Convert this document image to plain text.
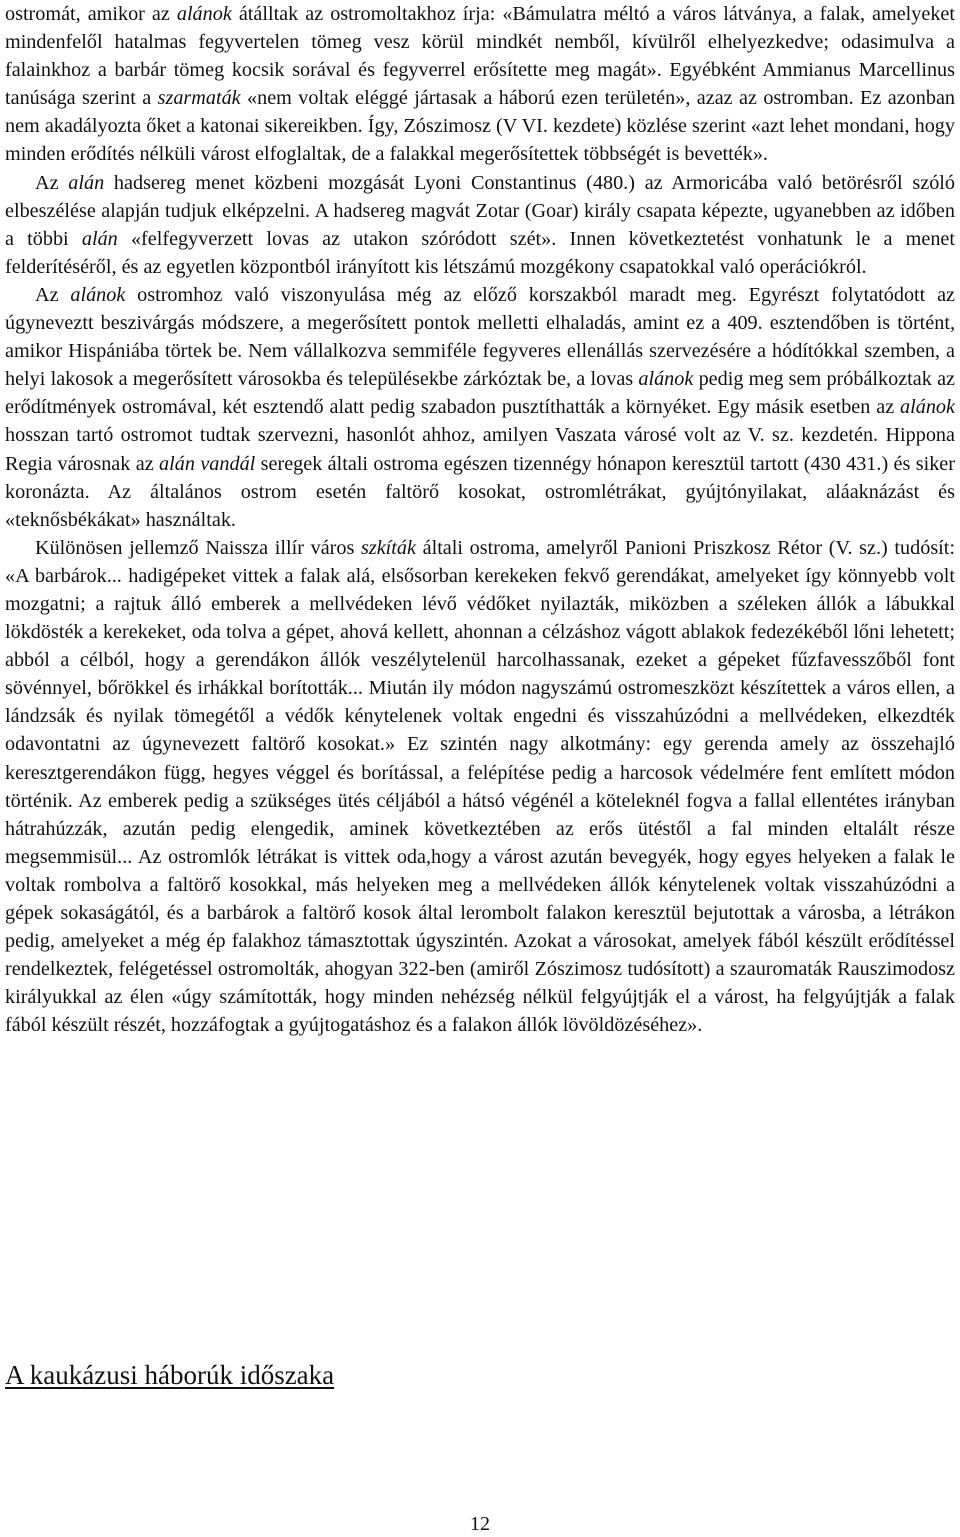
ostromát, amikor az alánok átálltak az ostromoltakhoz írja: «Bámulatra méltó a város látványa, a falak, amelyeket mindenfelől hatalmas fegyvertelen tömeg vesz körül mindkét nemből, kívülről elhelyezkedve; odasimulva a falainkhoz a barbár tömeg kocsik sorával és fegyverrel erősítette meg magát». Egyébként Ammianus Marcellinus tanúsága szerint a szarmaták «nem voltak eléggé jártasak a háború ezen területén», azaz az ostromban. Ez azonban nem akadályozta őket a katonai sikereikben. Így, Zószimosz (V VI. kezdete) közlése szerint «azt lehet mondani, hogy minden erődítés nélküli várost elfoglaltak, de a falakkal megerősítettek többségét is bevették».

Az alán hadsereg menet közbeni mozgását Lyoni Constantinus (480.) az Armoricába való betörésről szóló elbeszélése alapján tudjuk elképzelni. A hadsereg magvát Zotar (Goar) király csapata képezte, ugyanebben az időben a többi alán «felfegyverzett lovas az utakon szóródott szét». Innen következtetést vonhatunk le a menet felderítéséről, és az egyetlen központból irányított kis létszámú mozgékony csapatokkal való operációkról.

Az alánok ostromhoz való viszonyulása még az előző korszakból maradt meg. Egyrészt folytatódott az úgyneveztt beszivárgás módszere, a megerősített pontok melletti elhaladás, amint ez a 409. esztendőben is történt, amikor Hispániába törtek be. Nem vállalkozva semmiféle fegyveres ellenállás szervezésére a hódítókkal szemben, a helyi lakosok a megerősített városokba és településekbe zárkóztak be, a lovas alánok pedig meg sem próbálkoztak az erődítmények ostromával, két esztendő alatt pedig szabadon pusztíthatták a környéket. Egy másik esetben az alánok hosszan tartó ostromot tudtak szervezni, hasonlót ahhoz, amilyen Vaszata városé volt az V. sz. kezdetén. Hippona Regia városnak az alán vandál seregek általi ostroma egészen tizennégy hónapon keresztül tartott (430 431.) és siker koronázta. Az általános ostrom esetén faltörő kosokat, ostromlétrákat, gyújtónyilakat, aláaknázást és «teknősbékákat» használtak.

Különösen jellemző Naissza illír város szkíták általi ostroma, amelyről Panioni Priszkosz Rétor (V. sz.) tudósít: «A barbárok... hadigépeket vittek a falak alá, elsősorban kerekeken fekvő gerendákat, amelyeket így könnyebb volt mozgatni; a rajtuk álló emberek a mellvédeken lévő védőket nyilazták, miközben a széleken állók a lábukkal lökdösték a kerekeket, oda tolva a gépet, ahová kellett, ahonnan a célzáshoz vágott ablakok fedezékéből lőni lehetett; abból a célból, hogy a gerendákon állók veszélytelenül harcolhassanak, ezeket a gépeket fűzfavesszőből font sövénnyel, bőrökkel és irhákkal borították... Miután ily módon nagyszámú ostromeszközt készítettek a város ellen, a lándzsák és nyilak tömegétől a védők kénytelenek voltak engedni és visszahúzódni a mellvédeken, elkezdték odavontatni az úgynevezett faltörő kosokat.» Ez szintén nagy alkotmány: egy gerenda amely az összehajló keresztgerendákon függ, hegyes véggel és borítással, a felépítése pedig a harcosok védelmére fent említett módon történik. Az emberek pedig a szükséges ütés céljából a hátsó végénél a köteleknél fogva a fallal ellentétes irányban hátrahúzzák, azután pedig elengedik, aminek következtében az erős ütéstől a fal minden eltalált része megsemmisül... Az ostromlók létrákat is vittek oda,hogy a várost azután bevegyék, hogy egyes helyeken a falak le voltak rombolva a faltörő kosokkal, más helyeken meg a mellvédeken állók kénytelenek voltak visszahúzódni a gépek sokaságától, és a barbárok a faltörő kosok által lerombolt falakon keresztül bejutottak a városba, a létrákon pedig, amelyeket a még ép falakhoz támasztottak úgyszintén. Azokat a városokat, amelyek fából készült erődítéssel rendelkeztek, felégetéssel ostromolták, ahogyan 322-ben (amiről Zószimosz tudósított) a szauromaták Rauszimodosz királyukkal az élen «úgy számították, hogy minden nehézség nélkül felgyújtják el a várost, ha felgyújtják a falak fából készült részét, hozzáfogtak a gyújtogatáshoz és a falakon állók lövöldözéséhez».

A kaukázusi háborúk időszaka
12
